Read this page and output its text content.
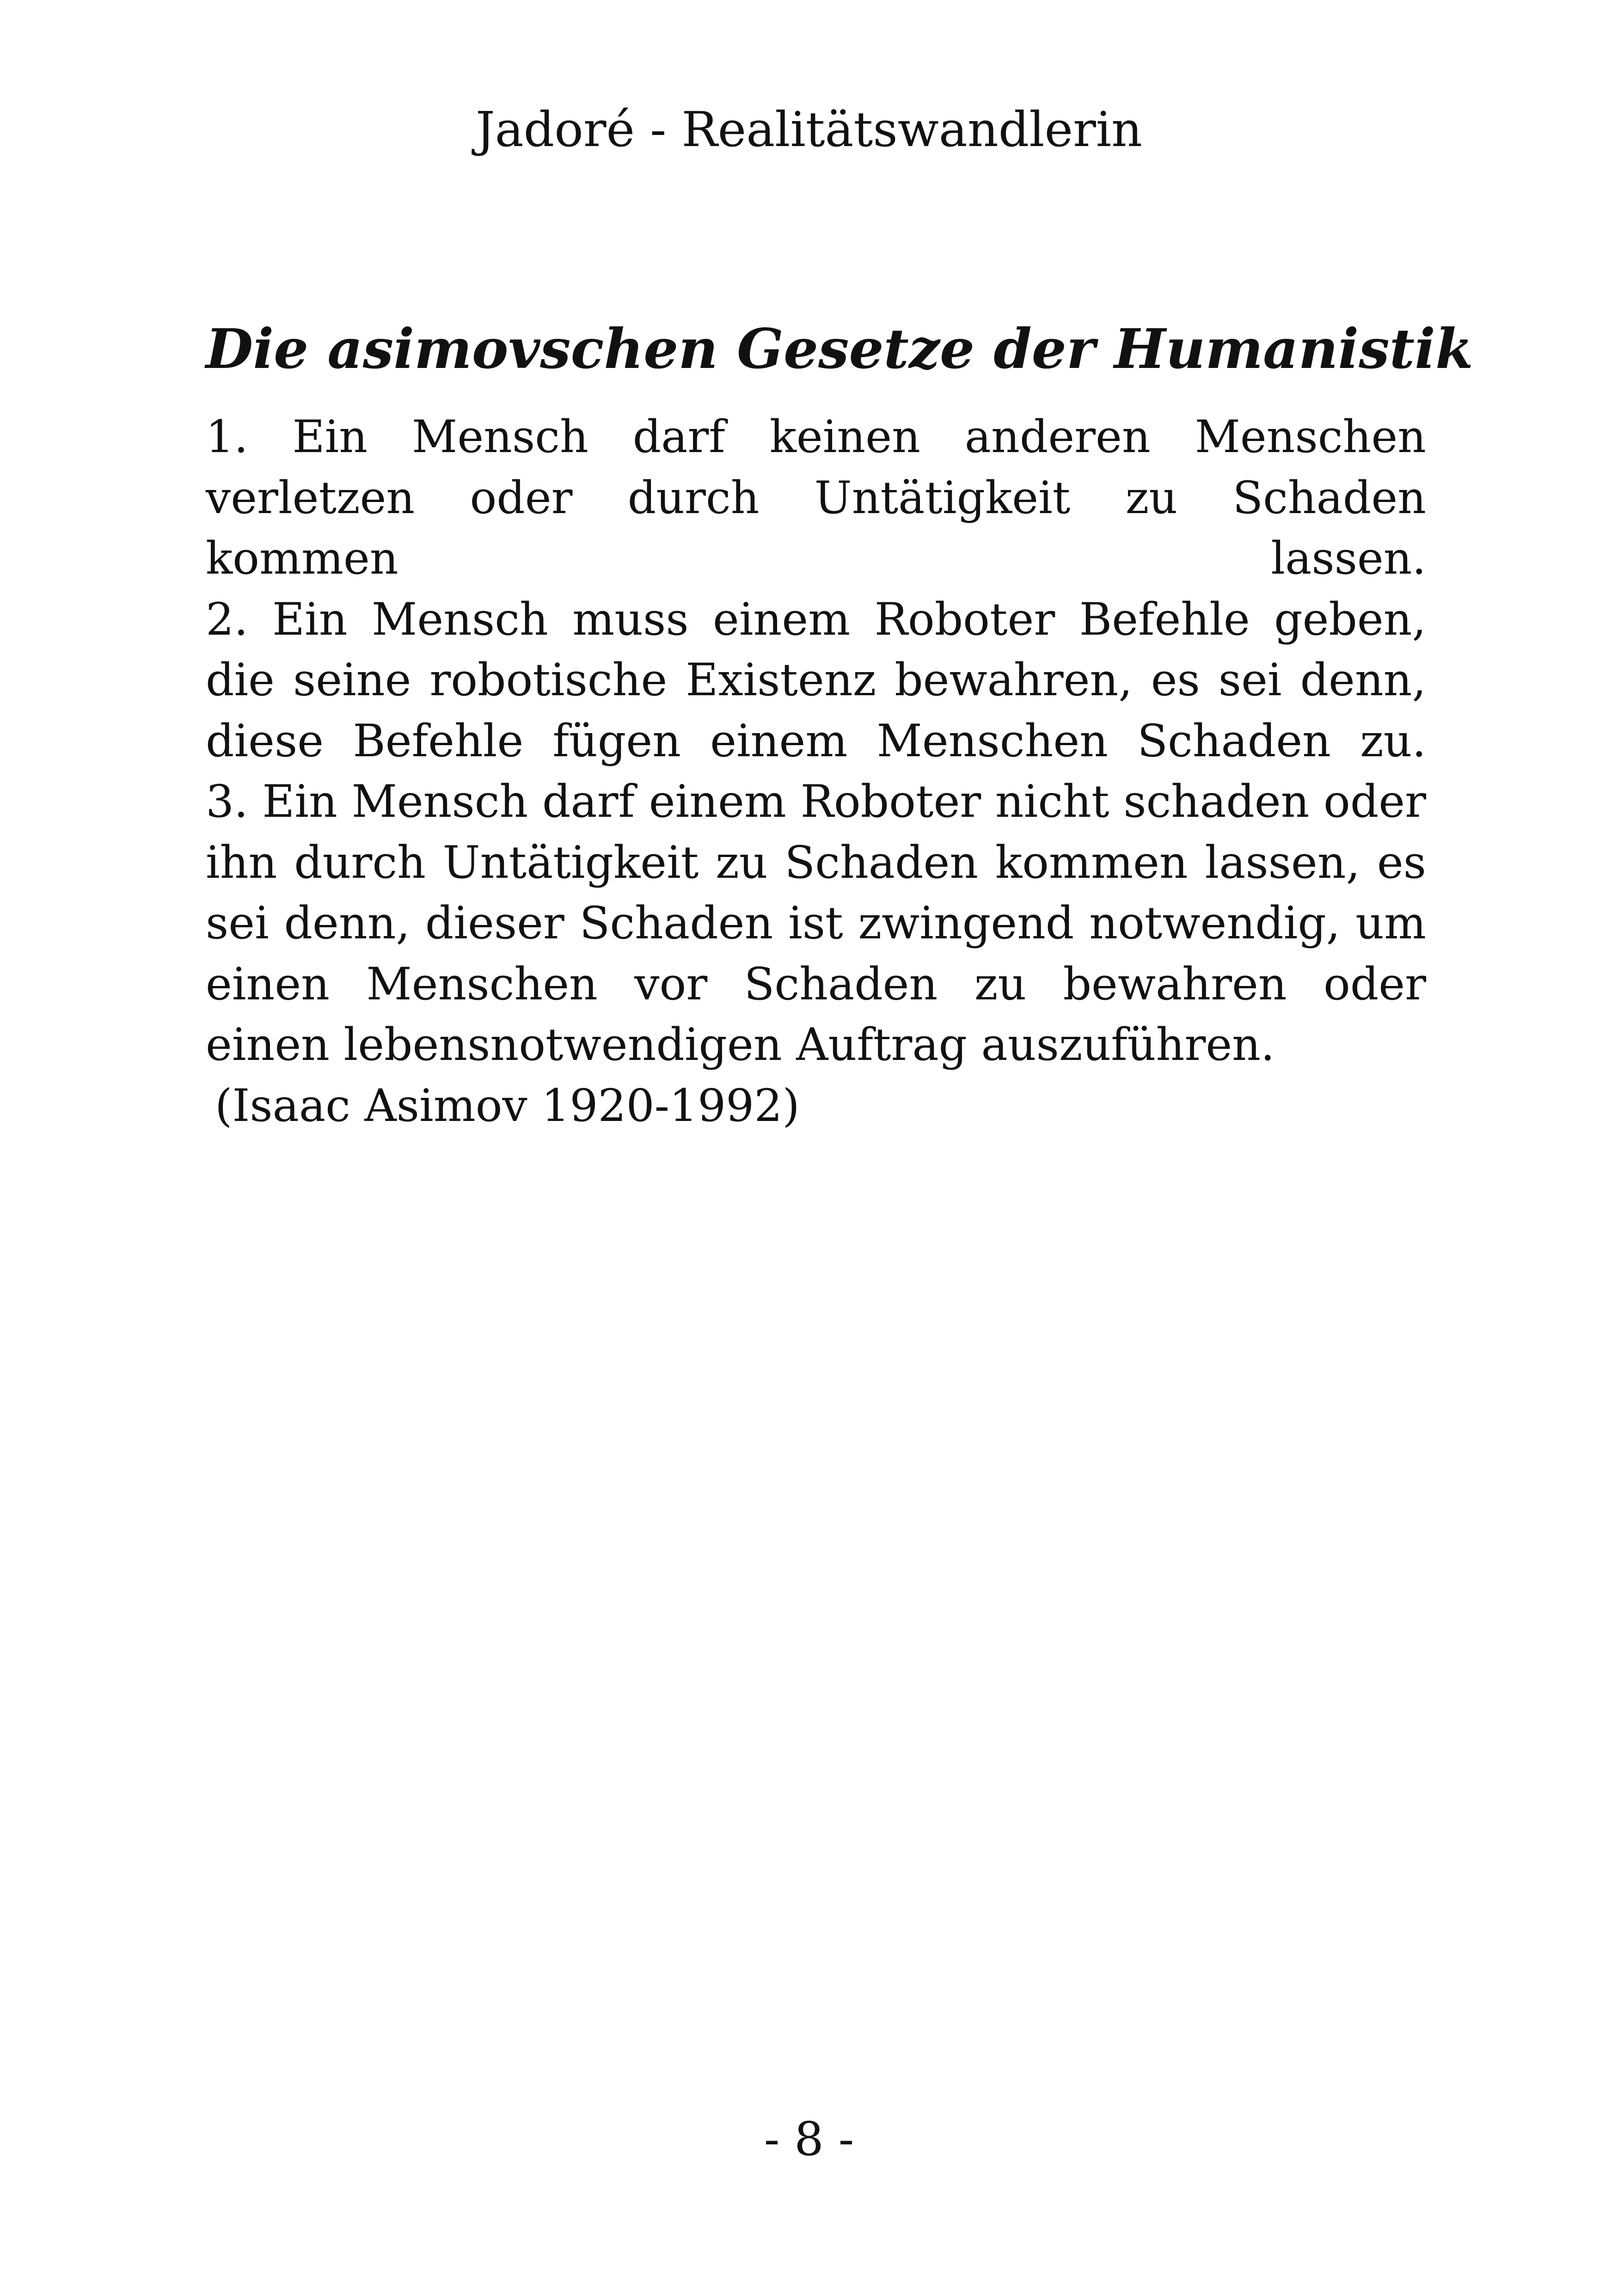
Jadoré - Realitätswandlerin
Die asimovschen Gesetze der Humanistik

1. Ein Mensch darf keinen anderen Menschen verletzen oder durch Untätigkeit zu Schaden kommen lassen.

2. Ein Mensch muss einem Roboter Befehle geben, die seine robotische Existenz bewahren, es sei denn, diese Befehle fügen einem Menschen Schaden zu.

3. Ein Mensch darf einem Roboter nicht schaden oder ihn durch Untätigkeit zu Schaden kommen lassen, es sei denn, dieser Schaden ist zwingend notwendig, um einen Menschen vor Schaden zu bewahren oder einen lebensnotwendigen Auftrag auszuführen.

(Isaac Asimov 1920-1992)

- 8 -
